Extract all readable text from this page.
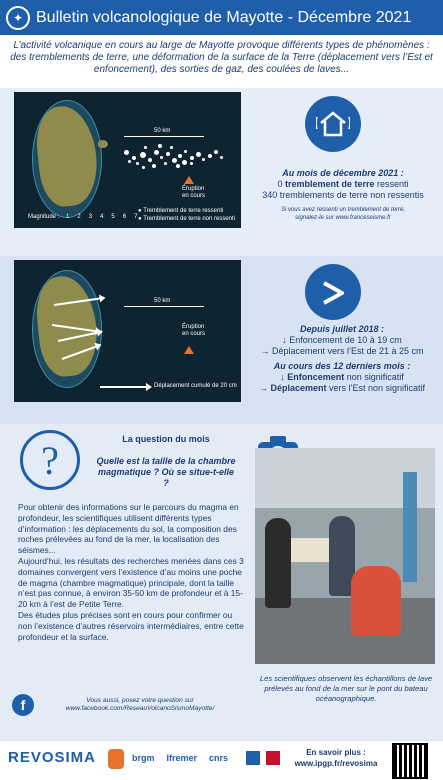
✦ Bulletin volcanologique de Mayotte - Décembre 2021
L’activité volcanique en cours au large de Mayotte provoque différents types de phénomènes : des tremblements de terre, une déformation de la surface de la Terre (déplacement vers l’Est et enfoncement), des sorties de gaz, des coulées de laves...
50 km
Éruption
en cours
Magnitude : 1 2 3 4 5 6 7
● Tremblement de terre ressenti
● Tremblement de terre non ressenti
Au mois de décembre 2021 :
0 tremblement de terre ressenti
340 tremblements de terre non ressentis
Si vous avez ressenti un tremblement de terre,
signalez-le sur www.franceseisme.fr
50 km
Éruption
en cours
Déplacement cumulé de 20 cm
Depuis juillet 2018 :
↓ Enfoncement de 10 à 19 cm
→ Déplacement vers l’Est de 21 à 25 cm
Au cours des 12 derniers mois :
↓ Enfoncement non significatif
→ Déplacement vers l’Est non significatif
?	La question du mois
Quelle est la taille de la chambre magmatique ? Où se situe-t-elle ?

Pour obtenir des informations sur le parcours du magma en profondeur, les scientifiques utilisent différents types d’information : les déplacements du sol, la composition des roches prélevées au fond de la mer, la localisation des séismes...

Aujourd’hui, les résultats des recherches menées dans ces 3 domaines convergent vers l’existence d’au moins une poche de magma (chambre magmatique) principale, dont la taille n’est pas connue, à environ 35-50 km de profondeur et à 15-20 km à l’est de Petite Terre.

Des études plus précises sont en cours pour confirmer ou non l’existence d’autres réservoirs intermédiaires, entre cette profondeur et la surface.

Les scientifiques observent les échantillons de lave prélevés au fond de la mer sur le pont du bateau océanographique.
f	Vous aussi, posez votre question sur
www.facebook.com/ReseauVolcanoSismoMayotte/
REVOSIMA	brgm Ifremer cnrs
En savoir plus :
www.ipgp.fr/revosima
